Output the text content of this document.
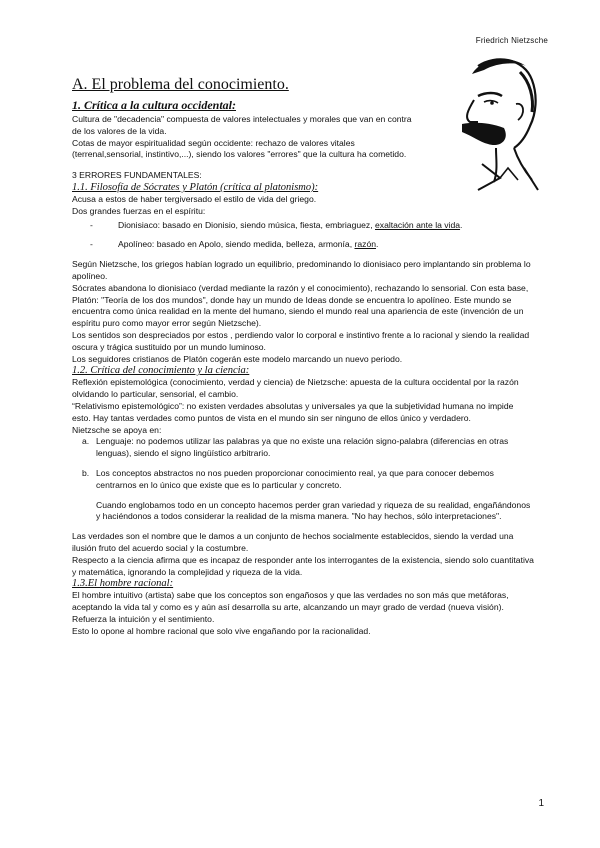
Friedrich Nietzsche
A. El problema del conocimiento.
1. Crítica a la cultura occidental:

Cultura de "decadencia" compuesta de valores intelectuales y morales que van en contra de los valores de la vida.

Cotas de mayor espiritualidad según occidente: rechazo de valores vitales (terrenal,sensorial, instintivo,...), siendo los valores "errores" que la cultura ha cometido.

3 ERRORES FUNDAMENTALES:

1.1. Filosofía de Sócrates y Platón (crítica al platonismo):

Acusa a estos de haber tergiversado el estilo de vida del griego.

Dos grandes fuerzas en el espíritu:

-	Dionisiaco: basado en Dionisio, siendo música, fiesta, embriaguez, exaltación ante la vida.
-	Apolíneo: basado en Apolo, siendo medida, belleza, armonía, razón.

Según Nietzsche, los griegos habían logrado un equilibrio, predominando lo dionisiaco pero implantando sin problema lo apolíneo.

Sócrates abandona lo dionisiaco (verdad mediante la razón y el conocimiento), rechazando lo sensorial. Con esta base, Platón: "Teoría de los dos mundos", donde hay un mundo de Ideas donde se encuentra lo apolíneo. Este mundo se encuentra como única realidad en la mente del humano, siendo el mundo real una apariencia de este (invención de un espíritu puro como mayor error según Nietzsche).

Los sentidos son despreciados por estos , perdiendo valor lo corporal e instintivo frente a lo racional y siendo la realidad oscura y trágica sustituido por un mundo luminoso.

Los seguidores cristianos de Platón cogerán este modelo marcando un nuevo periodo.

1.2. Crítica del conocimiento y la ciencia:

Reflexión epistemológica (conocimiento, verdad y ciencia) de Nietzsche: apuesta de la cultura occidental por la razón olvidando lo particular, sensorial, el cambio.

“Relativismo epistemológico”: no existen verdades absolutas y universales ya que la subjetividad humana no impide esto. Hay tantas verdades como puntos de vista en el mundo sin ser ninguno de ellos único y verdadero.

Nietzsche se apoya en:

a. Lenguaje: no podemos utilizar las palabras ya que no existe una relación signo-palabra (diferencias en otras lenguas), siendo el signo lingüístico arbitrario.
b. Los conceptos abstractos no nos pueden proporcionar conocimiento real, ya que para conocer debemos centrarnos en lo único que existe que es lo particular y concreto.

Cuando englobamos todo en un concepto hacemos perder gran variedad y riqueza de su realidad, engañándonos y haciéndonos a todos considerar la realidad de la misma manera. "No hay hechos, sólo interpretaciones".

Las verdades son el nombre que le damos a un conjunto de hechos socialmente establecidos, siendo la verdad una ilusión fruto del acuerdo social y la costumbre.

Respecto a la ciencia afirma que es incapaz de responder ante los interrogantes de la existencia, siendo solo cuantitativa y matemática, ignorando la complejidad y riqueza de la vida.

1.3.El hombre racional:

El hombre intuitivo (artista) sabe que los conceptos son engañosos y que las verdades no son más que metáforas, aceptando la vida tal y como es y aún así desarrolla su arte, alcanzando un mayr grado de verdad (nueva visión). Refuerza la intuición y el sentimiento.

Esto lo opone al hombre racional que solo vive engañando por la racionalidad.

1
